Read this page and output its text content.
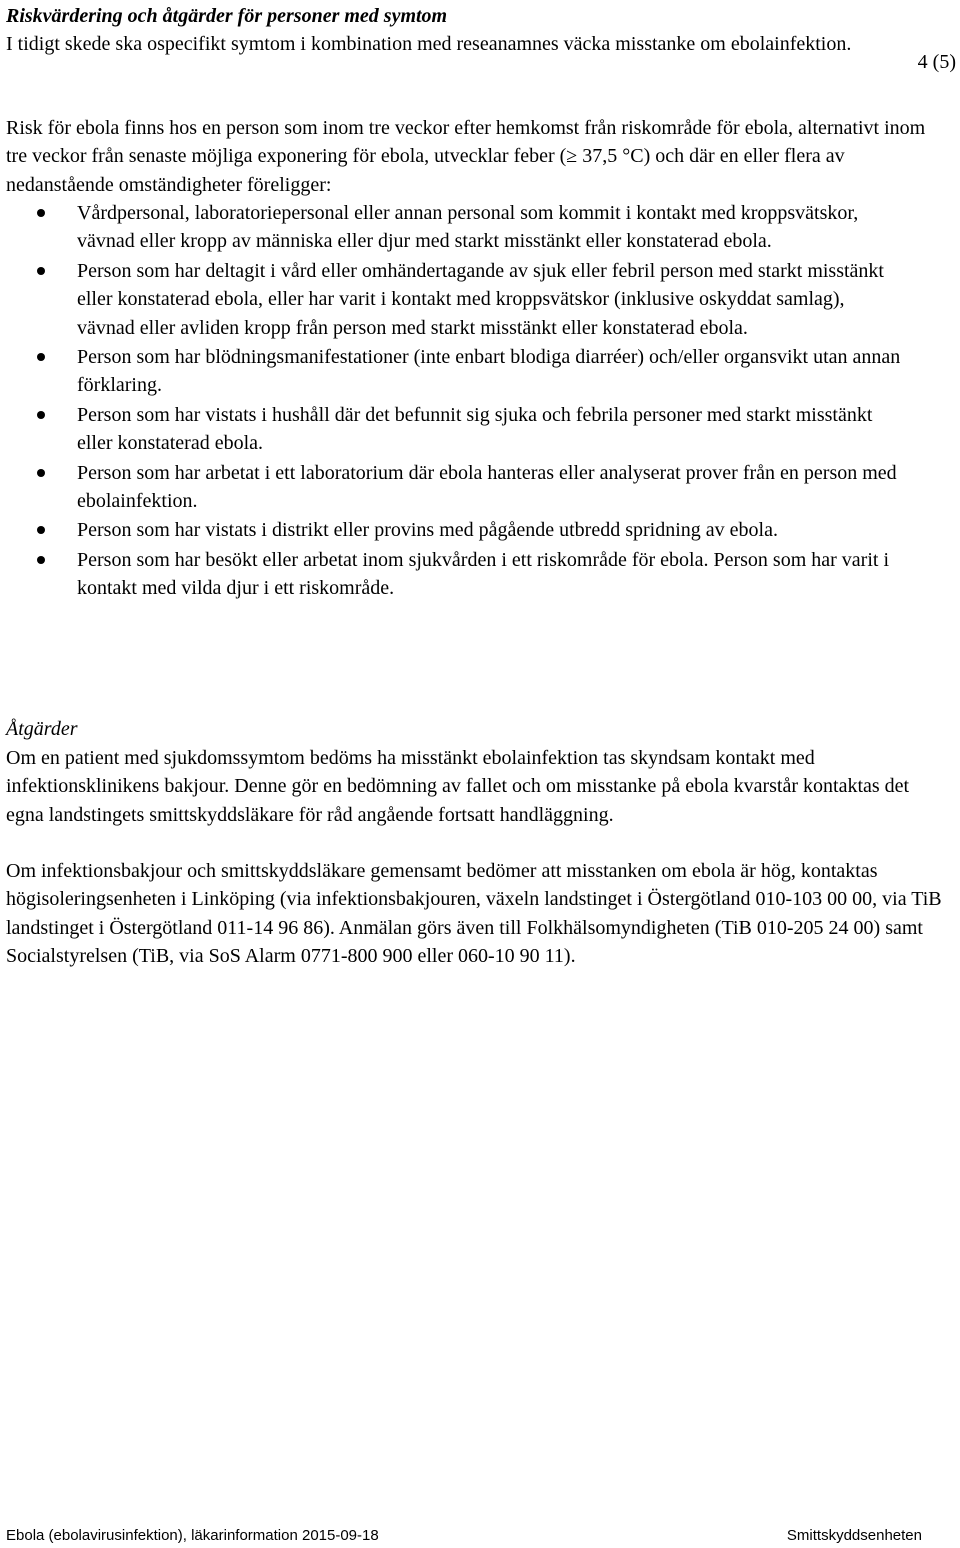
4 (5)
Riskvärdering och åtgärder för personer med symtom
I tidigt skede ska ospecifikt symtom i kombination med reseanamnes väcka misstanke om ebolainfektion.
Risk för ebola finns hos en person som inom tre veckor efter hemkomst från riskområde för ebola, alternativt inom tre veckor från senaste möjliga exponering för ebola, utvecklar feber (≥ 37,5 °C) och där en eller flera av nedanstående omständigheter föreligger:
Vårdpersonal, laboratoriepersonal eller annan personal som kommit i kontakt med kroppsvätskor, vävnad eller kropp av människa eller djur med starkt misstänkt eller konstaterad ebola.
Person som har deltagit i vård eller omhändertagande av sjuk eller febril person med starkt misstänkt eller konstaterad ebola, eller har varit i kontakt med kroppsvätskor (inklusive oskyddat samlag), vävnad eller avliden kropp från person med starkt misstänkt eller konstaterad ebola.
Person som har blödningsmanifestationer (inte enbart blodiga diarréer) och/eller organsvikt utan annan förklaring.
Person som har vistats i hushåll där det befunnit sig sjuka och febrila personer med starkt misstänkt eller konstaterad ebola.
Person som har arbetat i ett laboratorium där ebola hanteras eller analyserat prover från en person med ebolainfektion.
Person som har vistats i distrikt eller provins med pågående utbredd spridning av ebola.
Person som har besökt eller arbetat inom sjukvården i ett riskområde för ebola. Person som har varit i kontakt med vilda djur i ett riskområde.
Åtgärder
Om en patient med sjukdomssymtom bedöms ha misstänkt ebolainfektion tas skyndsam kontakt med infektionsklinikens bakjour. Denne gör en bedömning av fallet och om misstanke på ebola kvarstår kontaktas det egna landstingets smittskyddsläkare för råd angående fortsatt handläggning.
Om infektionsbakjour och smittskyddsläkare gemensamt bedömer att misstanken om ebola är hög, kontaktas högisoleringsenheten i Linköping (via infektionsbakjouren, växeln landstinget i Östergötland 010-103 00 00, via TiB landstinget i Östergötland 011-14 96 86). Anmälan görs även till Folkhälsomyndigheten (TiB 010-205 24 00) samt Socialstyrelsen (TiB, via SoS Alarm 0771-800 900 eller 060-10 90 11).
Ebola (ebolavirusinfektion), läkarinformation 2015-09-18	Smittskyddsenheten
